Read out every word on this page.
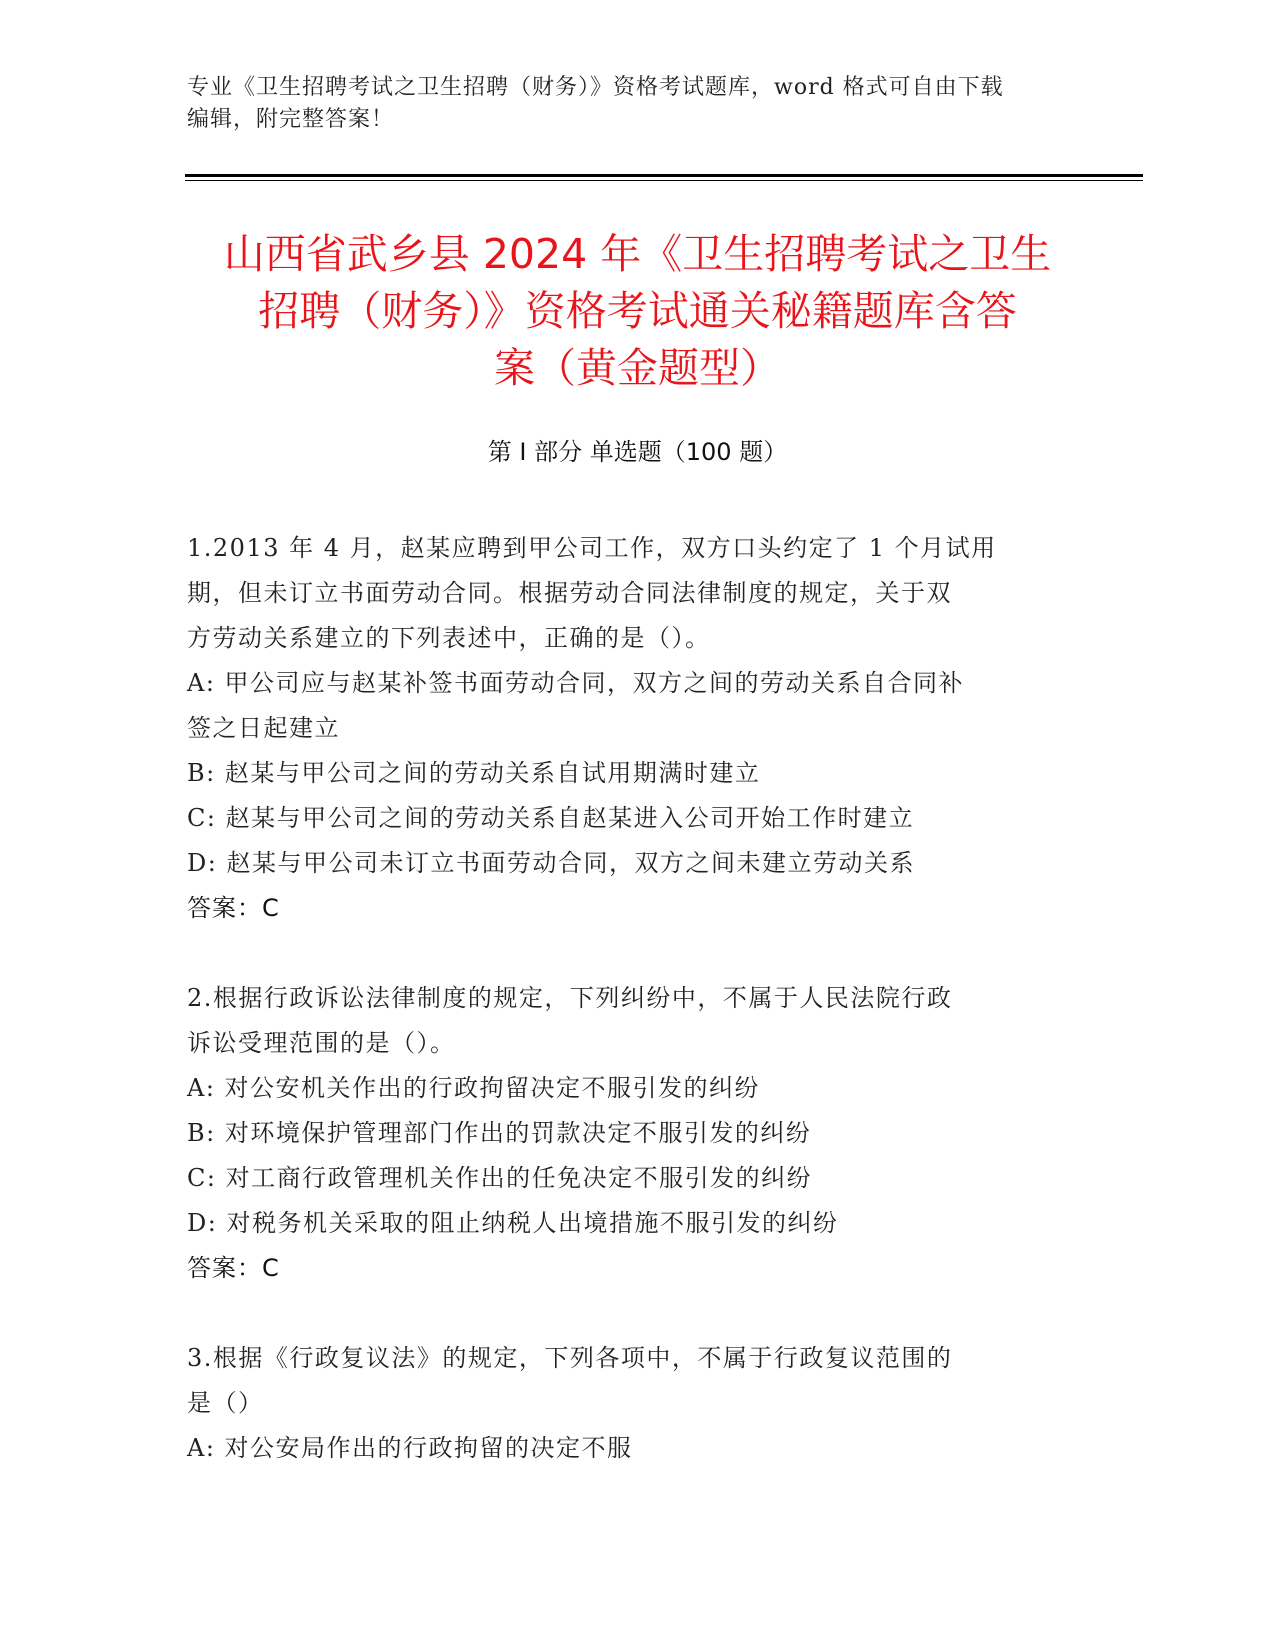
专业《卫生招聘考试之卫生招聘（财务）》资格考试题库，word 格式可自由下载
编辑，附完整答案！
山西省武乡县 2024 年《卫生招聘考试之卫生
招聘（财务）》资格考试通关秘籍题库含答
案（黄金题型）
第 I 部分 单选题（100 题）
1.2013 年 4 月，赵某应聘到甲公司工作，双方口头约定了 1 个月试用
期，但未订立书面劳动合同。根据劳动合同法律制度的规定，关于双
方劳动关系建立的下列表述中，正确的是（）。
A: 甲公司应与赵某补签书面劳动合同，双方之间的劳动关系自合同补
签之日起建立
B: 赵某与甲公司之间的劳动关系自试用期满时建立
C: 赵某与甲公司之间的劳动关系自赵某进入公司开始工作时建立
D: 赵某与甲公司未订立书面劳动合同，双方之间未建立劳动关系
答案：C
2.根据行政诉讼法律制度的规定，下列纠纷中，不属于人民法院行政
诉讼受理范围的是（）。
A: 对公安机关作出的行政拘留决定不服引发的纠纷
B: 对环境保护管理部门作出的罚款决定不服引发的纠纷
C: 对工商行政管理机关作出的任免决定不服引发的纠纷
D: 对税务机关采取的阻止纳税人出境措施不服引发的纠纷
答案：C
3.根据《行政复议法》的规定，下列各项中，不属于行政复议范围的
是（）
A: 对公安局作出的行政拘留的决定不服
